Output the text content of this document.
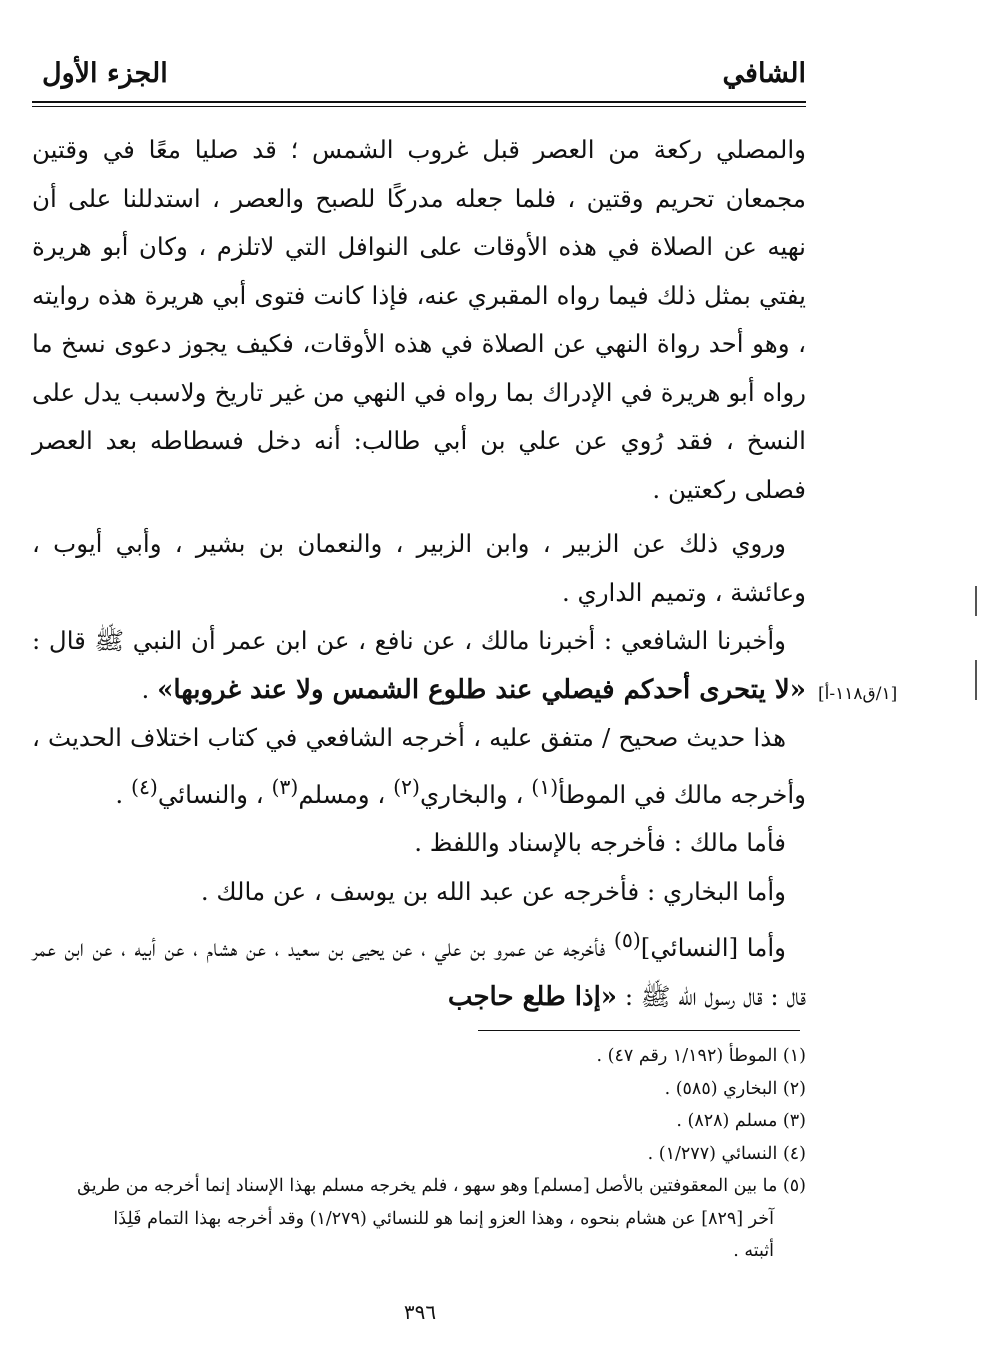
الشافي
الجزء الأول
[١/ق١١٨-أ]

والمصلي ركعة من العصر قبل غروب الشمس ؛ قد صليا معًا في وقتين مجمعان تحريم وقتين ، فلما جعله مدركًا للصبح والعصر ، استدللنا على أن نهيه عن الصلاة في هذه الأوقات على النوافل التي لاتلزم ، وكان أبو هريرة يفتي بمثل ذلك فيما رواه المقبري عنه، فإذا كانت فتوى أبي هريرة هذه روايته ، وهو أحد رواة النهي عن الصلاة في هذه الأوقات، فكيف يجوز دعوى نسخ ما رواه أبو هريرة في الإدراك بما رواه في النهي من غير تاريخ ولاسبب يدل على النسخ ، فقد رُوي عن علي بن أبي طالب: أنه دخل فسطاطه بعد العصر فصلى ركعتين .

وروي ذلك عن الزبير ، وابن الزبير ، والنعمان بن بشير ، وأبي أيوب ، وعائشة ، وتميم الداري .

وأخبرنا الشافعي : أخبرنا مالك ، عن نافع ، عن ابن عمر أن النبي ﷺ قال : «لا يتحرى أحدكم فيصلي عند طلوع الشمس ولا عند غروبها» .

هذا حديث صحيح / متفق عليه ، أخرجه الشافعي في كتاب اختلاف الحديث ، وأخرجه مالك في الموطأ$^{(١)}$ ، والبخاري$^{(٢)}$ ، ومسلم$^{(٣)}$ ، والنسائي$^{(٤)}$ .

فأما مالك : فأخرجه بالإسناد واللفظ .

وأما البخاري : فأخرجه عن عبد الله بن يوسف ، عن مالك .

وأما [النسائي]$^{(٥)}$ فأخرجه عن عمرو بن علي ، عن يحيى بن سعيد ، عن هشام ، عن أبيه ، عن ابن عمر قال : قال رسول الله ﷺ : «إذا طلع حاجب

(١) الموطأ (١/١٩٢ رقم ٤٧) .

(٢) البخاري (٥٨٥) .

(٣) مسلم (٨٢٨) .

(٤) النسائي (١/٢٧٧) .

(٥) ما بين المعقوفتين بالأصل [مسلم] وهو سهو ، فلم يخرجه مسلم بهذا الإسناد إنما أخرجه من طريق

آخر [٨٢٩] عن هشام بنحوه ، وهذا العزو إنما هو للنسائي (١/٢٧٩) وقد أخرجه بهذا التمام فَلِذَا

أثبته .

٣٩٦
